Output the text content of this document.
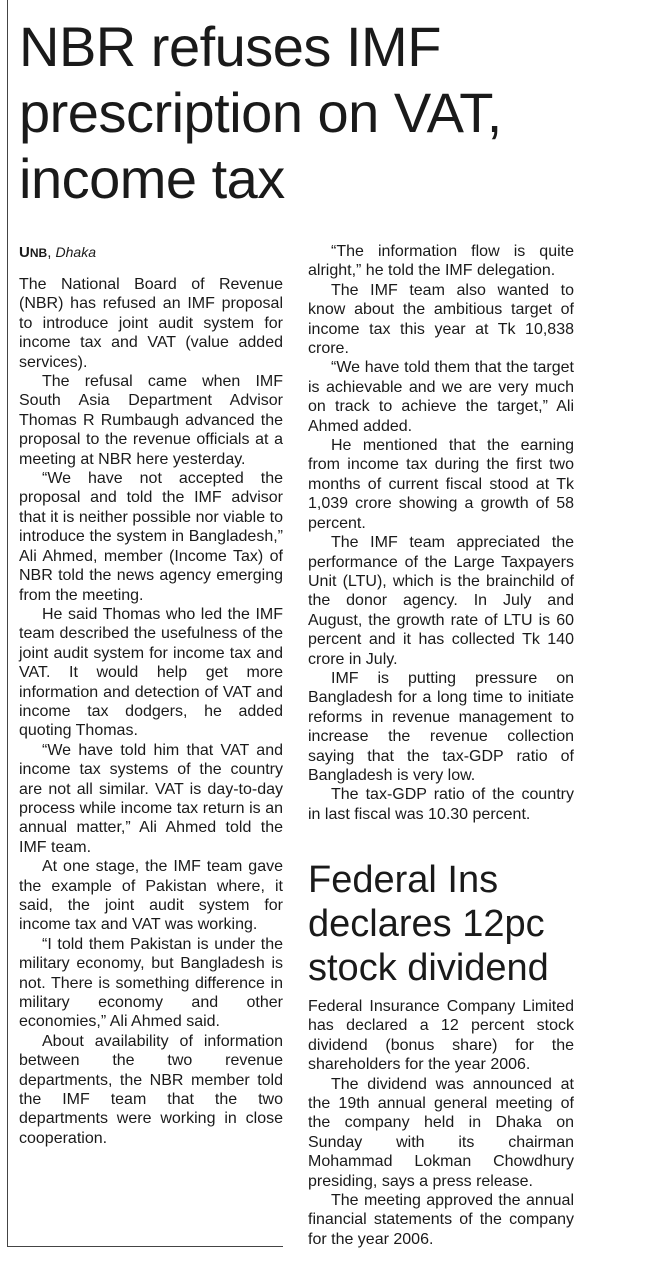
NBR refuses IMF prescription on VAT, income tax
UNB, Dhaka

The National Board of Revenue (NBR) has refused an IMF proposal to introduce joint audit system for income tax and VAT (value added services).

The refusal came when IMF South Asia Department Advisor Thomas R Rumbaugh advanced the proposal to the revenue officials at a meeting at NBR here yesterday.

“We have not accepted the proposal and told the IMF advisor that it is neither possible nor viable to introduce the system in Bangladesh,” Ali Ahmed, member (Income Tax) of NBR told the news agency emerging from the meeting.

He said Thomas who led the IMF team described the usefulness of the joint audit system for income tax and VAT. It would help get more information and detection of VAT and income tax dodgers, he added quoting Thomas.

“We have told him that VAT and income tax systems of the country are not all similar. VAT is day-to-day process while income tax return is an annual matter,” Ali Ahmed told the IMF team.

At one stage, the IMF team gave the example of Pakistan where, it said, the joint audit system for income tax and VAT was working.

“I told them Pakistan is under the military economy, but Bangladesh is not. There is something difference in military economy and other economies,” Ali Ahmed said.

About availability of information between the two revenue departments, the NBR member told the IMF team that the two departments were working in close cooperation.

“The information flow is quite alright,” he told the IMF delegation.

The IMF team also wanted to know about the ambitious target of income tax this year at Tk 10,838 crore.

“We have told them that the target is achievable and we are very much on track to achieve the target,” Ali Ahmed added.

He mentioned that the earning from income tax during the first two months of current fiscal stood at Tk 1,039 crore showing a growth of 58 percent.

The IMF team appreciated the performance of the Large Taxpayers Unit (LTU), which is the brainchild of the donor agency. In July and August, the growth rate of LTU is 60 percent and it has collected Tk 140 crore in July.

IMF is putting pressure on Bangladesh for a long time to initiate reforms in revenue management to increase the revenue collection saying that the tax-GDP ratio of Bangladesh is very low.

The tax-GDP ratio of the country in last fiscal was 10.30 percent.

Federal Ins declares 12pc stock dividend

Federal Insurance Company Limited has declared a 12 percent stock dividend (bonus share) for the shareholders for the year 2006.

The dividend was announced at the 19th annual general meeting of the company held in Dhaka on Sunday with its chairman Mohammad Lokman Chowdhury presiding, says a press release.

The meeting approved the annual financial statements of the company for the year 2006.
